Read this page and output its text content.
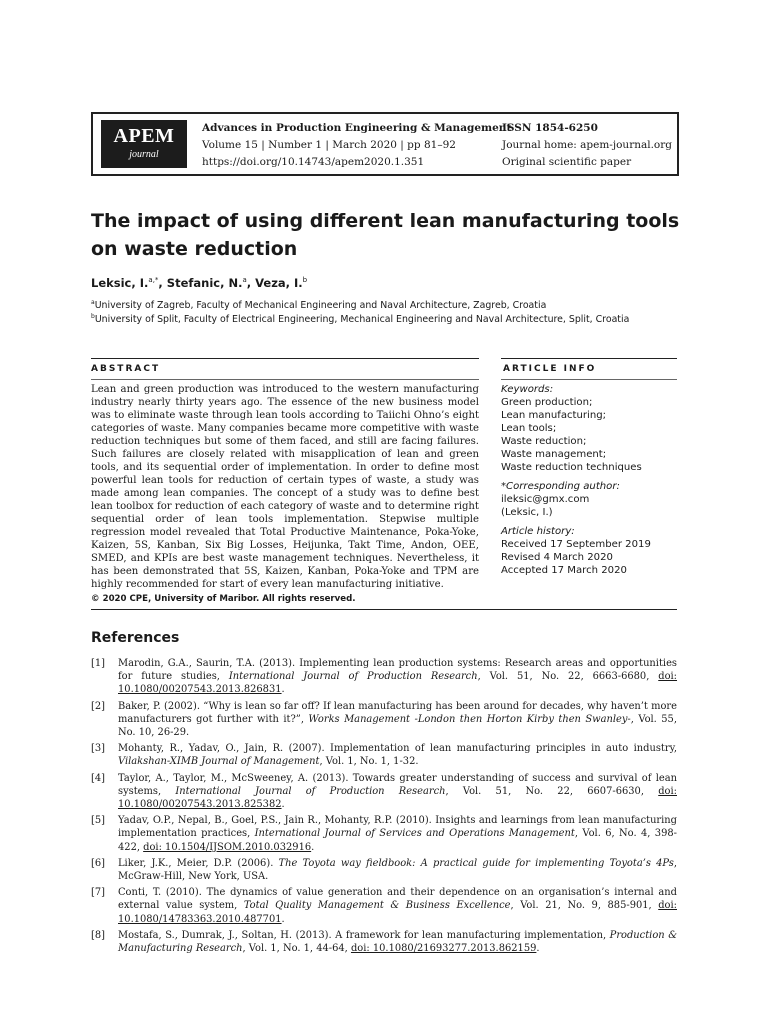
APEM
journal
Advances in Production Engineering & Management
Volume 15 | Number 1 | March 2020 | pp 81–92
https://doi.org/10.14743/apem2020.1.351
ISSN 1854-6250
Journal home: apem-journal.org
Original scientific paper
The impact of using different lean manufacturing tools on waste reduction
Leksic, I.$^{a,*}$, Stefanic, N.$^a$, Veza, I.$^b$
$^a$University of Zagreb, Faculty of Mechanical Engineering and Naval Architecture, Zagreb, Croatia
$^b$University of Split, Faculty of Electrical Engineering, Mechanical Engineering and Naval Architecture, Split, Croatia
ABSTRACT	ARTICLE INFO
Lean and green production was introduced to the western manufacturing industry nearly thirty years ago. The essence of the new business model was to eliminate waste through lean tools according to Taiichi Ohno’s eight categories of waste. Many companies became more competitive with waste reduction techniques but some of them faced, and still are facing failures. Such failures are closely related with misapplication of lean and green tools, and its sequential order of implementation. In order to define most powerful lean tools for reduction of certain types of waste, a study was made among lean companies. The concept of a study was to define best lean toolbox for reduction of each category of waste and to determine right sequential order of lean tools implementation. Stepwise multiple regression model revealed that Total Productive Maintenance, Poka-Yoke, Kaizen, 5S, Kanban, Six Big Losses, Heijunka, Takt Time, Andon, OEE, SMED, and KPIs are best waste management techniques. Nevertheless, it has been demonstrated that 5S, Kaizen, Kanban, Poka-Yoke and TPM are highly recommended for start of every lean manufacturing initiative.
© 2020 CPE, University of Maribor. All rights reserved.
Keywords:
Green production;
Lean manufacturing;
Lean tools;
Waste reduction;
Waste management;
Waste reduction techniques
*Corresponding author:
ileksic@gmx.com
(Leksic, I.)
Article history:
Received 17 September 2019
Revised 4 March 2020
Accepted 17 March 2020
References
[1] Marodin, G.A., Saurin, T.A. (2013). Implementing lean production systems: Research areas and opportunities for future studies, International Journal of Production Research, Vol. 51, No. 22, 6663-6680, doi: 10.1080/00207543.2013.826831.
[2] Baker, P. (2002). “Why is lean so far off? If lean manufacturing has been around for decades, why haven’t more manufacturers got further with it?”, Works Management -London then Horton Kirby then Swanley-, Vol. 55, No. 10, 26-29.
[3] Mohanty, R., Yadav, O., Jain, R. (2007). Implementation of lean manufacturing principles in auto industry, Vilakshan-XIMB Journal of Management, Vol. 1, No. 1, 1-32.
[4] Taylor, A., Taylor, M., McSweeney, A. (2013). Towards greater understanding of success and survival of lean systems, International Journal of Production Research, Vol. 51, No. 22, 6607-6630, doi: 10.1080/00207543.2013.825382.
[5] Yadav, O.P., Nepal, B., Goel, P.S., Jain R., Mohanty, R.P. (2010). Insights and learnings from lean manufacturing implementation practices, International Journal of Services and Operations Management, Vol. 6, No. 4, 398-422, doi: 10.1504/IJSOM.2010.032916.
[6] Liker, J.K., Meier, D.P. (2006). The Toyota way fieldbook: A practical guide for implementing Toyota’s 4Ps, McGraw-Hill, New York, USA.
[7] Conti, T. (2010). The dynamics of value generation and their dependence on an organisation’s internal and external value system, Total Quality Management & Business Excellence, Vol. 21, No. 9, 885-901, doi: 10.1080/14783363.2010.487701.
[8] Mostafa, S., Dumrak, J., Soltan, H. (2013). A framework for lean manufacturing implementation, Production & Manufacturing Research, Vol. 1, No. 1, 44-64, doi: 10.1080/21693277.2013.862159.
